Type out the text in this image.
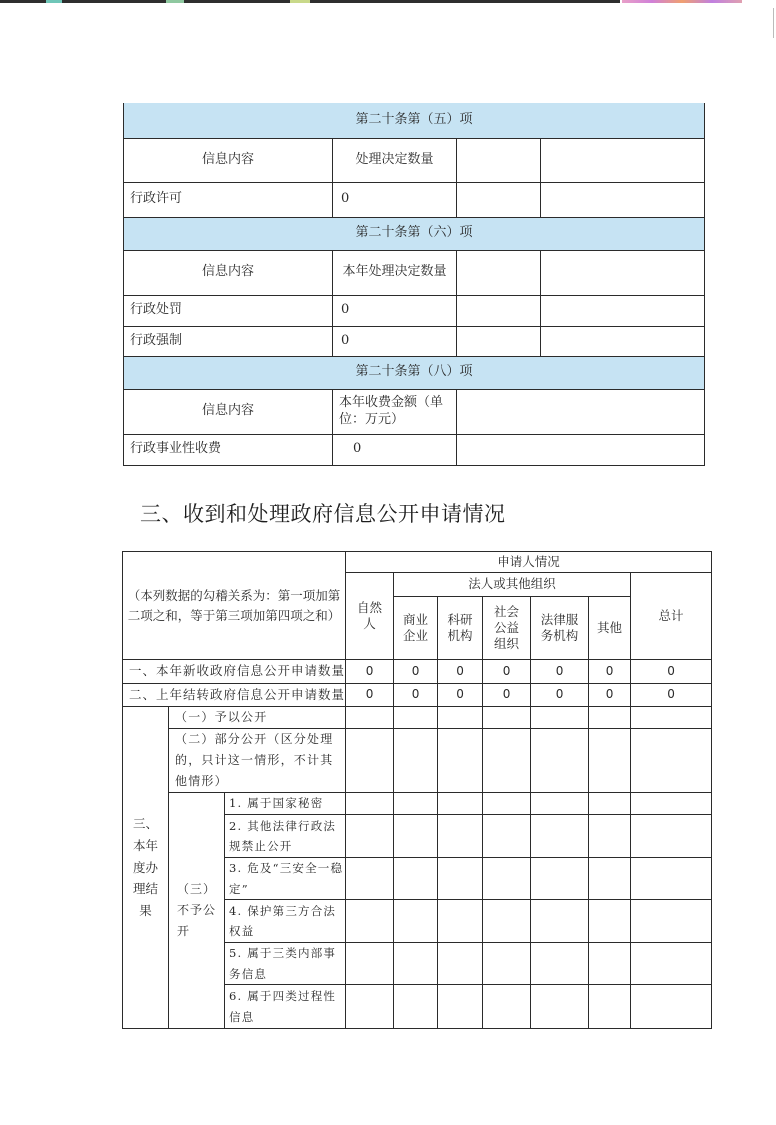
第二十条第（五）项			
信息内容	处理决定数量		
行政许可	0		
第二十条第（六）项			
信息内容	本年处理决定数量		
行政处罚	0		
行政强制	0		
第二十条第（八）项			
信息内容	本年收费金额（单位：万元）		
行政事业性收费	0		
三、收到和处理政府信息公开申请情况
（本列数据的勾稽关系为：第一项加第二项之和，等于第三项加第四项之和）			申请人情况						
			自然人	法人或其他组织					总计
				商业企业	科研机构	社会公益组织	法律服务机构	其他	
一、本年新收政府信息公开申请数量			0	0	0	0	0	0	0
二、上年结转政府信息公开申请数量			0	0	0	0	0	0	0
三、本年度办理结果	（一）予以公开								
	（二）部分公开（区分处理的，只计这一情形，不计其他情形）								
	（三）不予公开	1. 属于国家秘密							
		2. 其他法律行政法规禁止公开							
		3. 危及“三安全一稳定”							
		4. 保护第三方合法权益							
		5. 属于三类内部事务信息							
		6. 属于四类过程性信息							
